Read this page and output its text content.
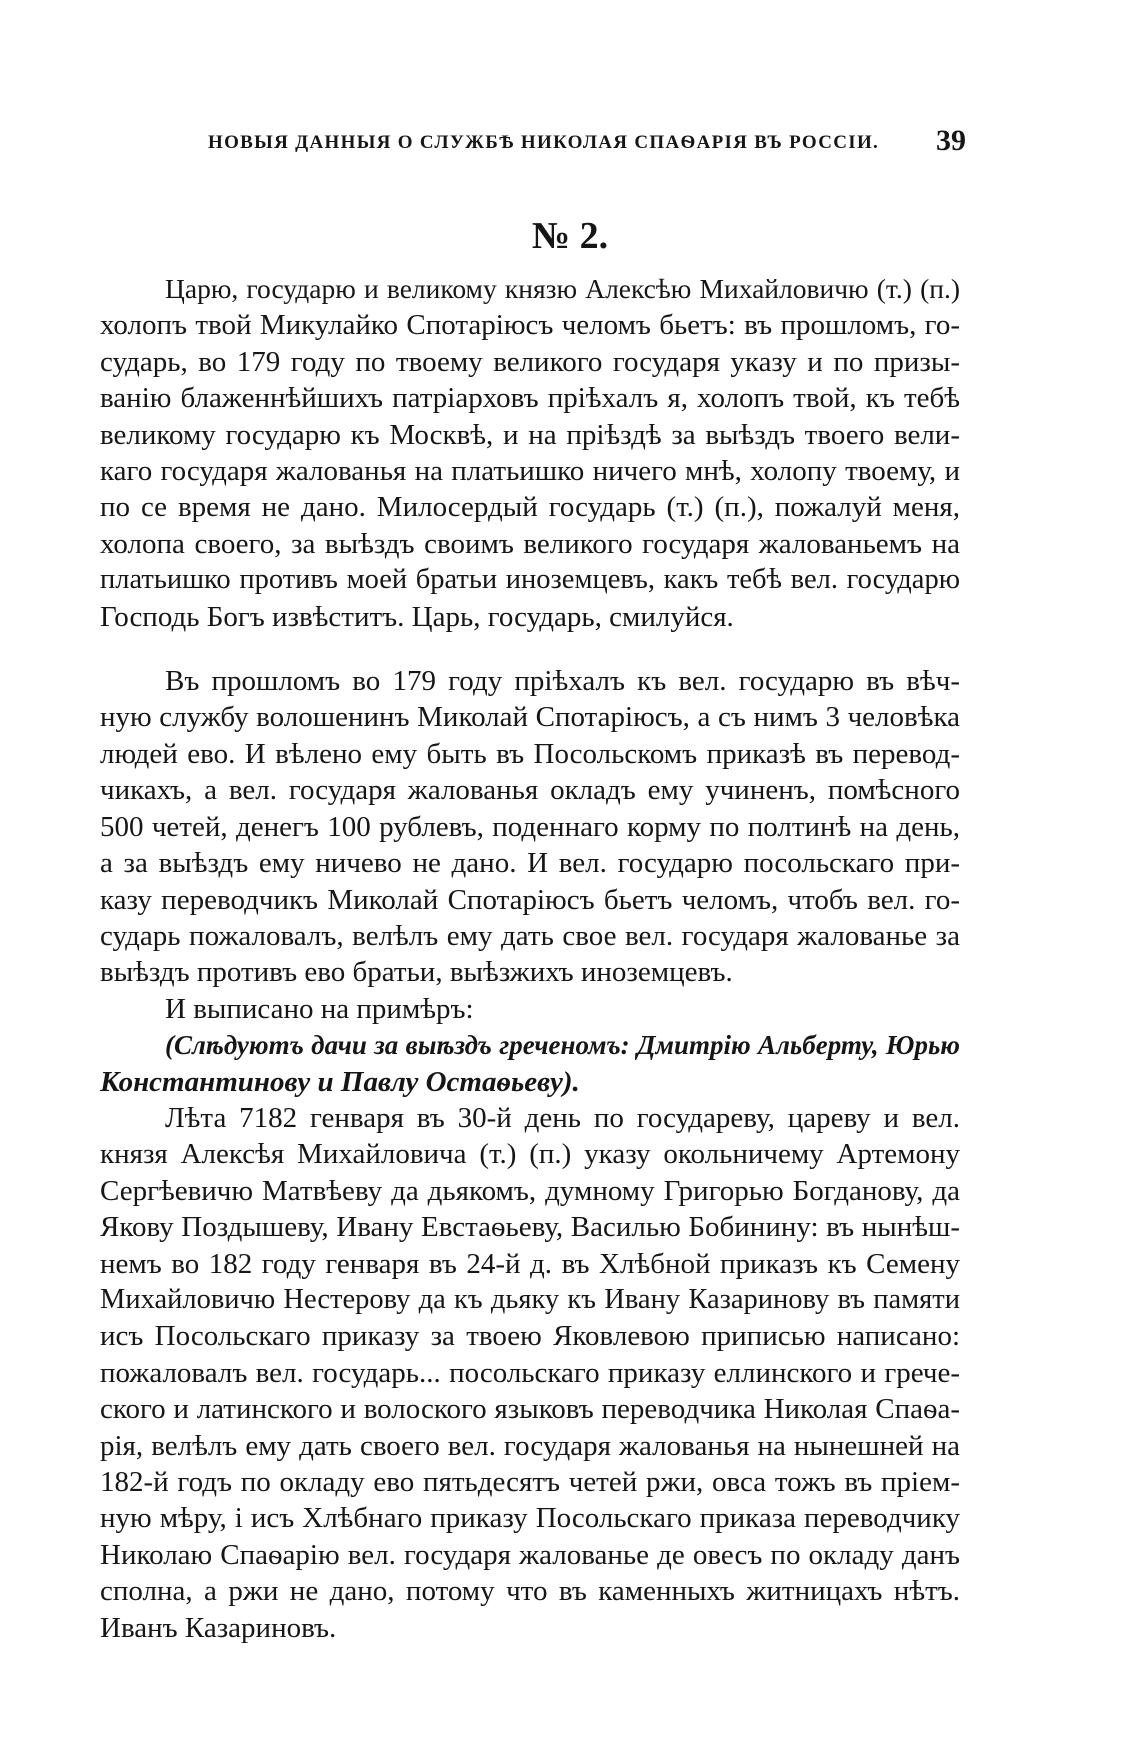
НОВЫЯ ДАННЫЯ О СЛУЖБѢ НИКОЛАЯ СПАѲАРІЯ ВЪ РОССІИ. 39
№ 2.
Царю, государю и великому князю Алексѣю Михайловичю (т.) (п.)
холопъ твой Микулайко Спотаріюсъ челомъ бьетъ: въ прошломъ, го-
сударь, во 179 году по твоему великого государя указу и по призы-
ванію блаженнѣйшихъ патріарховъ пріѣхалъ я, холопъ твой, къ тебѣ
великому государю къ Москвѣ, и на пріѣздѣ за выѣздъ твоего вели-
каго государя жалованья на платьишко ничего мнѣ, холопу твоему, и
по се время не дано. Милосердый государь (т.) (п.), пожалуй меня,
холопа своего, за выѣздъ своимъ великого государя жалованьемъ на
платьишко противъ моей братьи иноземцевъ, какъ тебѣ вел. государю
Господь Богъ извѣститъ. Царь, государь, смилуйся.
Въ прошломъ во 179 году пріѣхалъ къ вел. государю въ вѣч-
ную службу волошенинъ Миколай Спотаріюсъ, а съ нимъ 3 человѣка
людей ево. И вѣлено ему быть въ Посольскомъ приказѣ въ перевод-
чикахъ, а вел. государя жалованья окладъ ему учиненъ, помѣсного
500 четей, денегъ 100 рублевъ, поденнаго корму по полтинѣ на день,
а за выѣздъ ему ничево не дано. И вел. государю посольскаго при-
казу переводчикъ Миколай Спотаріюсъ бьетъ челомъ, чтобъ вел. го-
сударь пожаловалъ, велѣлъ ему дать свое вел. государя жалованье за
выѣздъ противъ ево братьи, выѣзжихъ иноземцевъ.
И выписано на примѣръ:
(Слѣдуютъ дачи за выѣздъ греченомъ: Дмитрію Альберту, Юрью
Константинову и Павлу Остаѳьеву).
Лѣта 7182 генваря въ 30-й день по государеву, цареву и вел.
князя Алексѣя Михайловича (т.) (п.) указу окольничему Артемону
Сергѣевичю Матвѣеву да дьякомъ, думному Григорью Богданову, да
Якову Поздышеву, Ивану Евстаѳьеву, Василью Бобинину: въ нынѣш-
немъ во 182 году генваря въ 24-й д. въ Хлѣбной приказъ къ Семену
Михайловичю Нестерову да къ дьяку къ Ивану Казаринову въ памяти
исъ Посольскаго приказу за твоею Яковлевою приписью написано:
пожаловалъ вел. государь... посольскаго приказу еллинского и грече-
ского и латинского и волоского языковъ переводчика Николая Спаѳа-
рія, велѣлъ ему дать своего вел. государя жалованья на нынешней на
182-й годъ по окладу ево пятьдесятъ четей ржи, овса тожъ въ пріем-
ную мѣру, і исъ Хлѣбнаго приказу Посольскаго приказа переводчику
Николаю Спаѳарію вел. государя жалованье де овесъ по окладу данъ
сполна, а ржи не дано, потому что въ каменныхъ житницахъ нѣтъ.
Иванъ Казариновъ.
